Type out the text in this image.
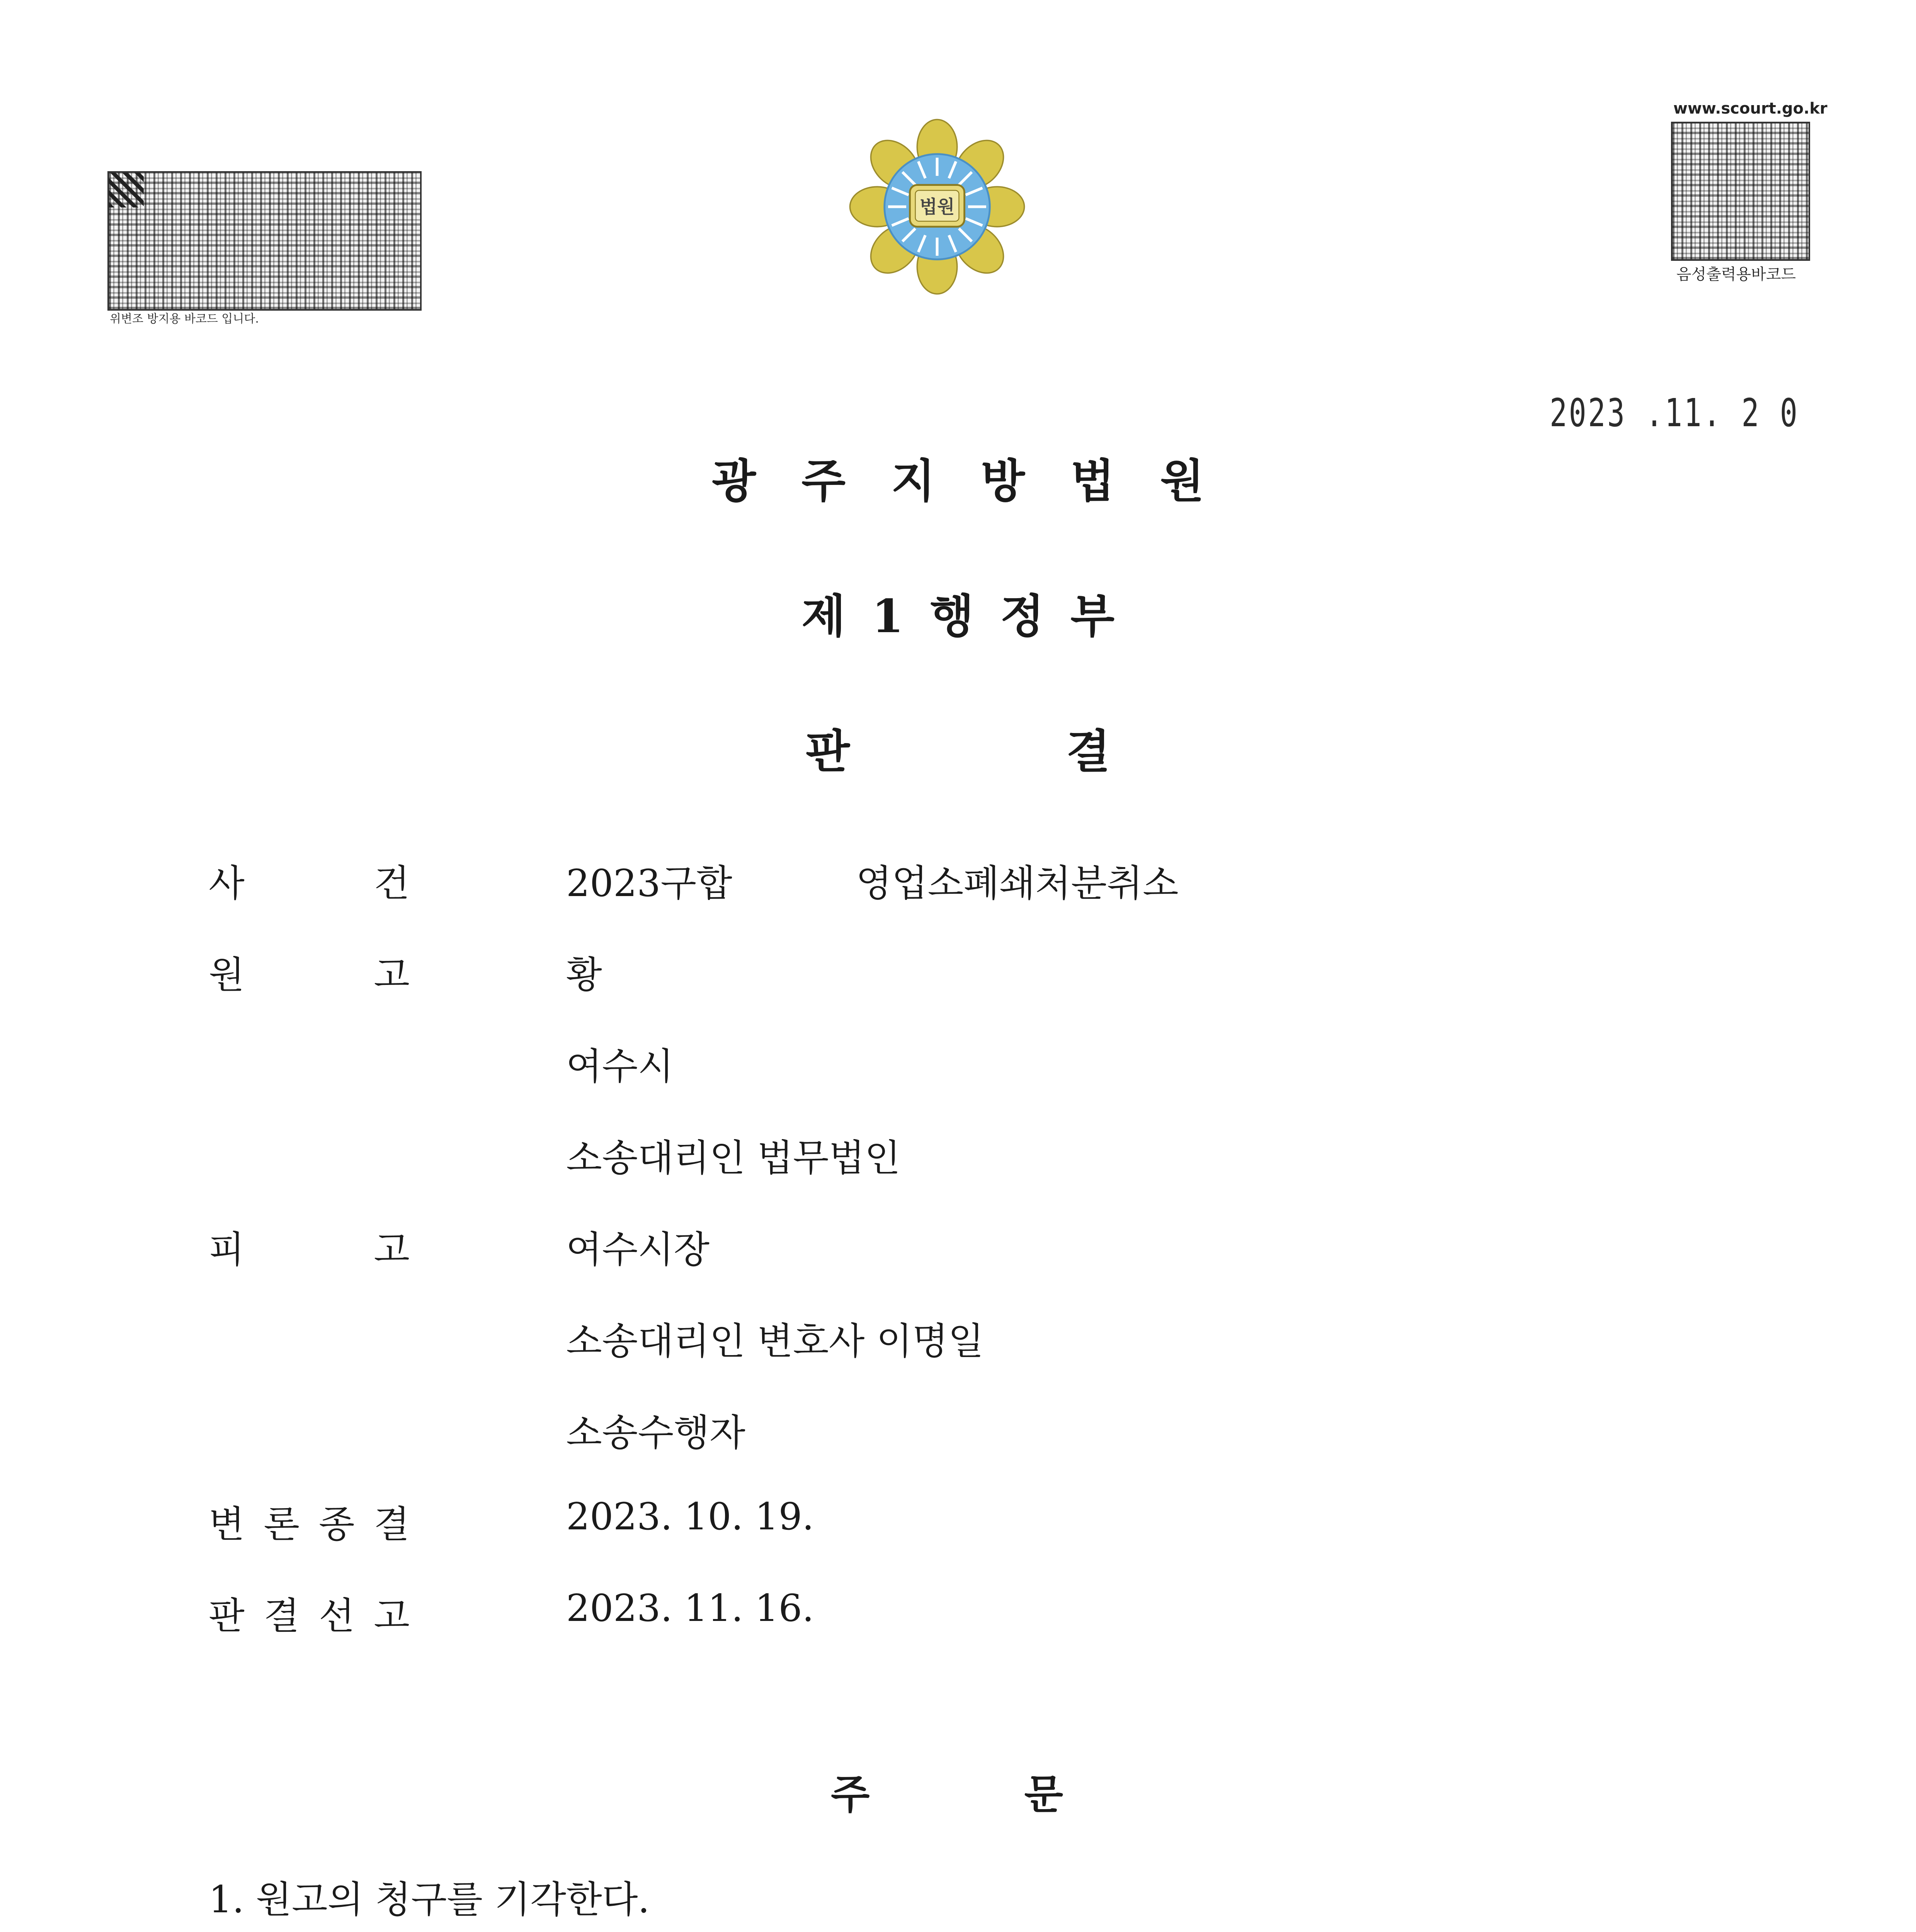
위변조 방지용 바코드 입니다.
www.scourt.go.kr
음성출력용바코드
법원
2023 .11. 2 0
광주지방법원
제1행정부
판결
사	건	2023구합	영업소폐쇄처분취소
원	고	황
여수시
소송대리인 법무법인
피	고	여수시장
소송대리인 변호사 이명일
소송수행자
변 론 종 결	2023. 10. 19.
판 결 선 고	2023. 11. 16.
주문
1. 원고의 청구를 기각한다.
